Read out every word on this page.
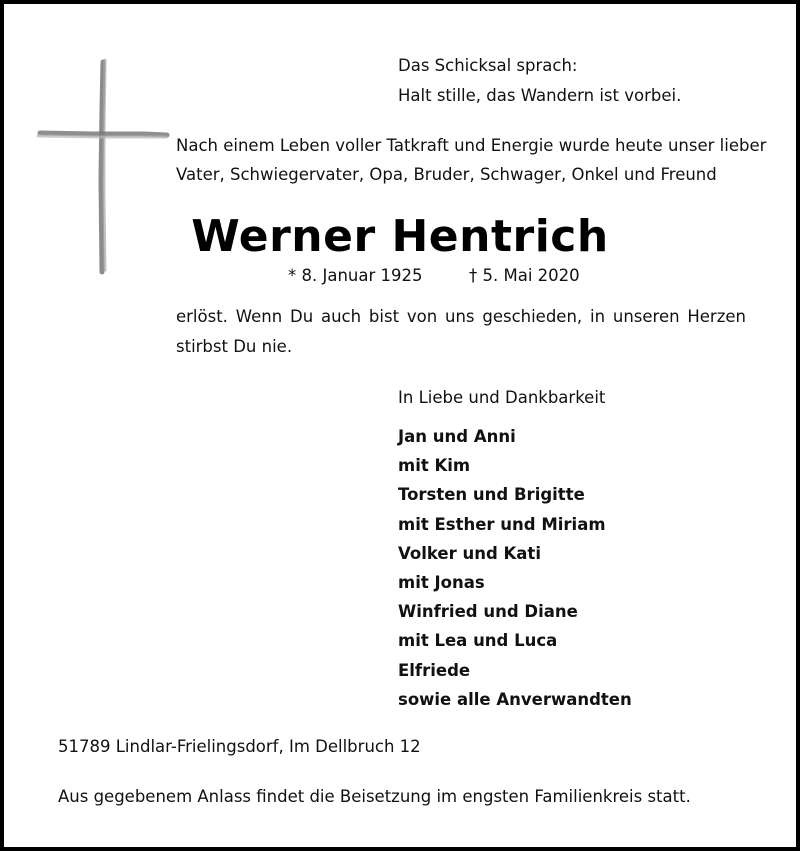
Das Schicksal sprach:
Halt stille, das Wandern ist vorbei.
Nach einem Leben voller Tatkraft und Energie wurde heute unser lieber
Vater, Schwiegervater, Opa, Bruder, Schwager, Onkel und Freund
Werner Hentrich
* 8. Januar 1925	† 5. Mai 2020
erlöst. Wenn Du auch bist von uns geschieden, in unseren Herzen stirbst Du nie.
In Liebe und Dankbarkeit
Jan und Anni
mit Kim
Torsten und Brigitte
mit Esther und Miriam
Volker und Kati
mit Jonas
Winfried und Diane
mit Lea und Luca
Elfriede
sowie alle Anverwandten
51789 Lindlar-Frielingsdorf, Im Dellbruch 12
Aus gegebenem Anlass findet die Beisetzung im engsten Familienkreis statt.
